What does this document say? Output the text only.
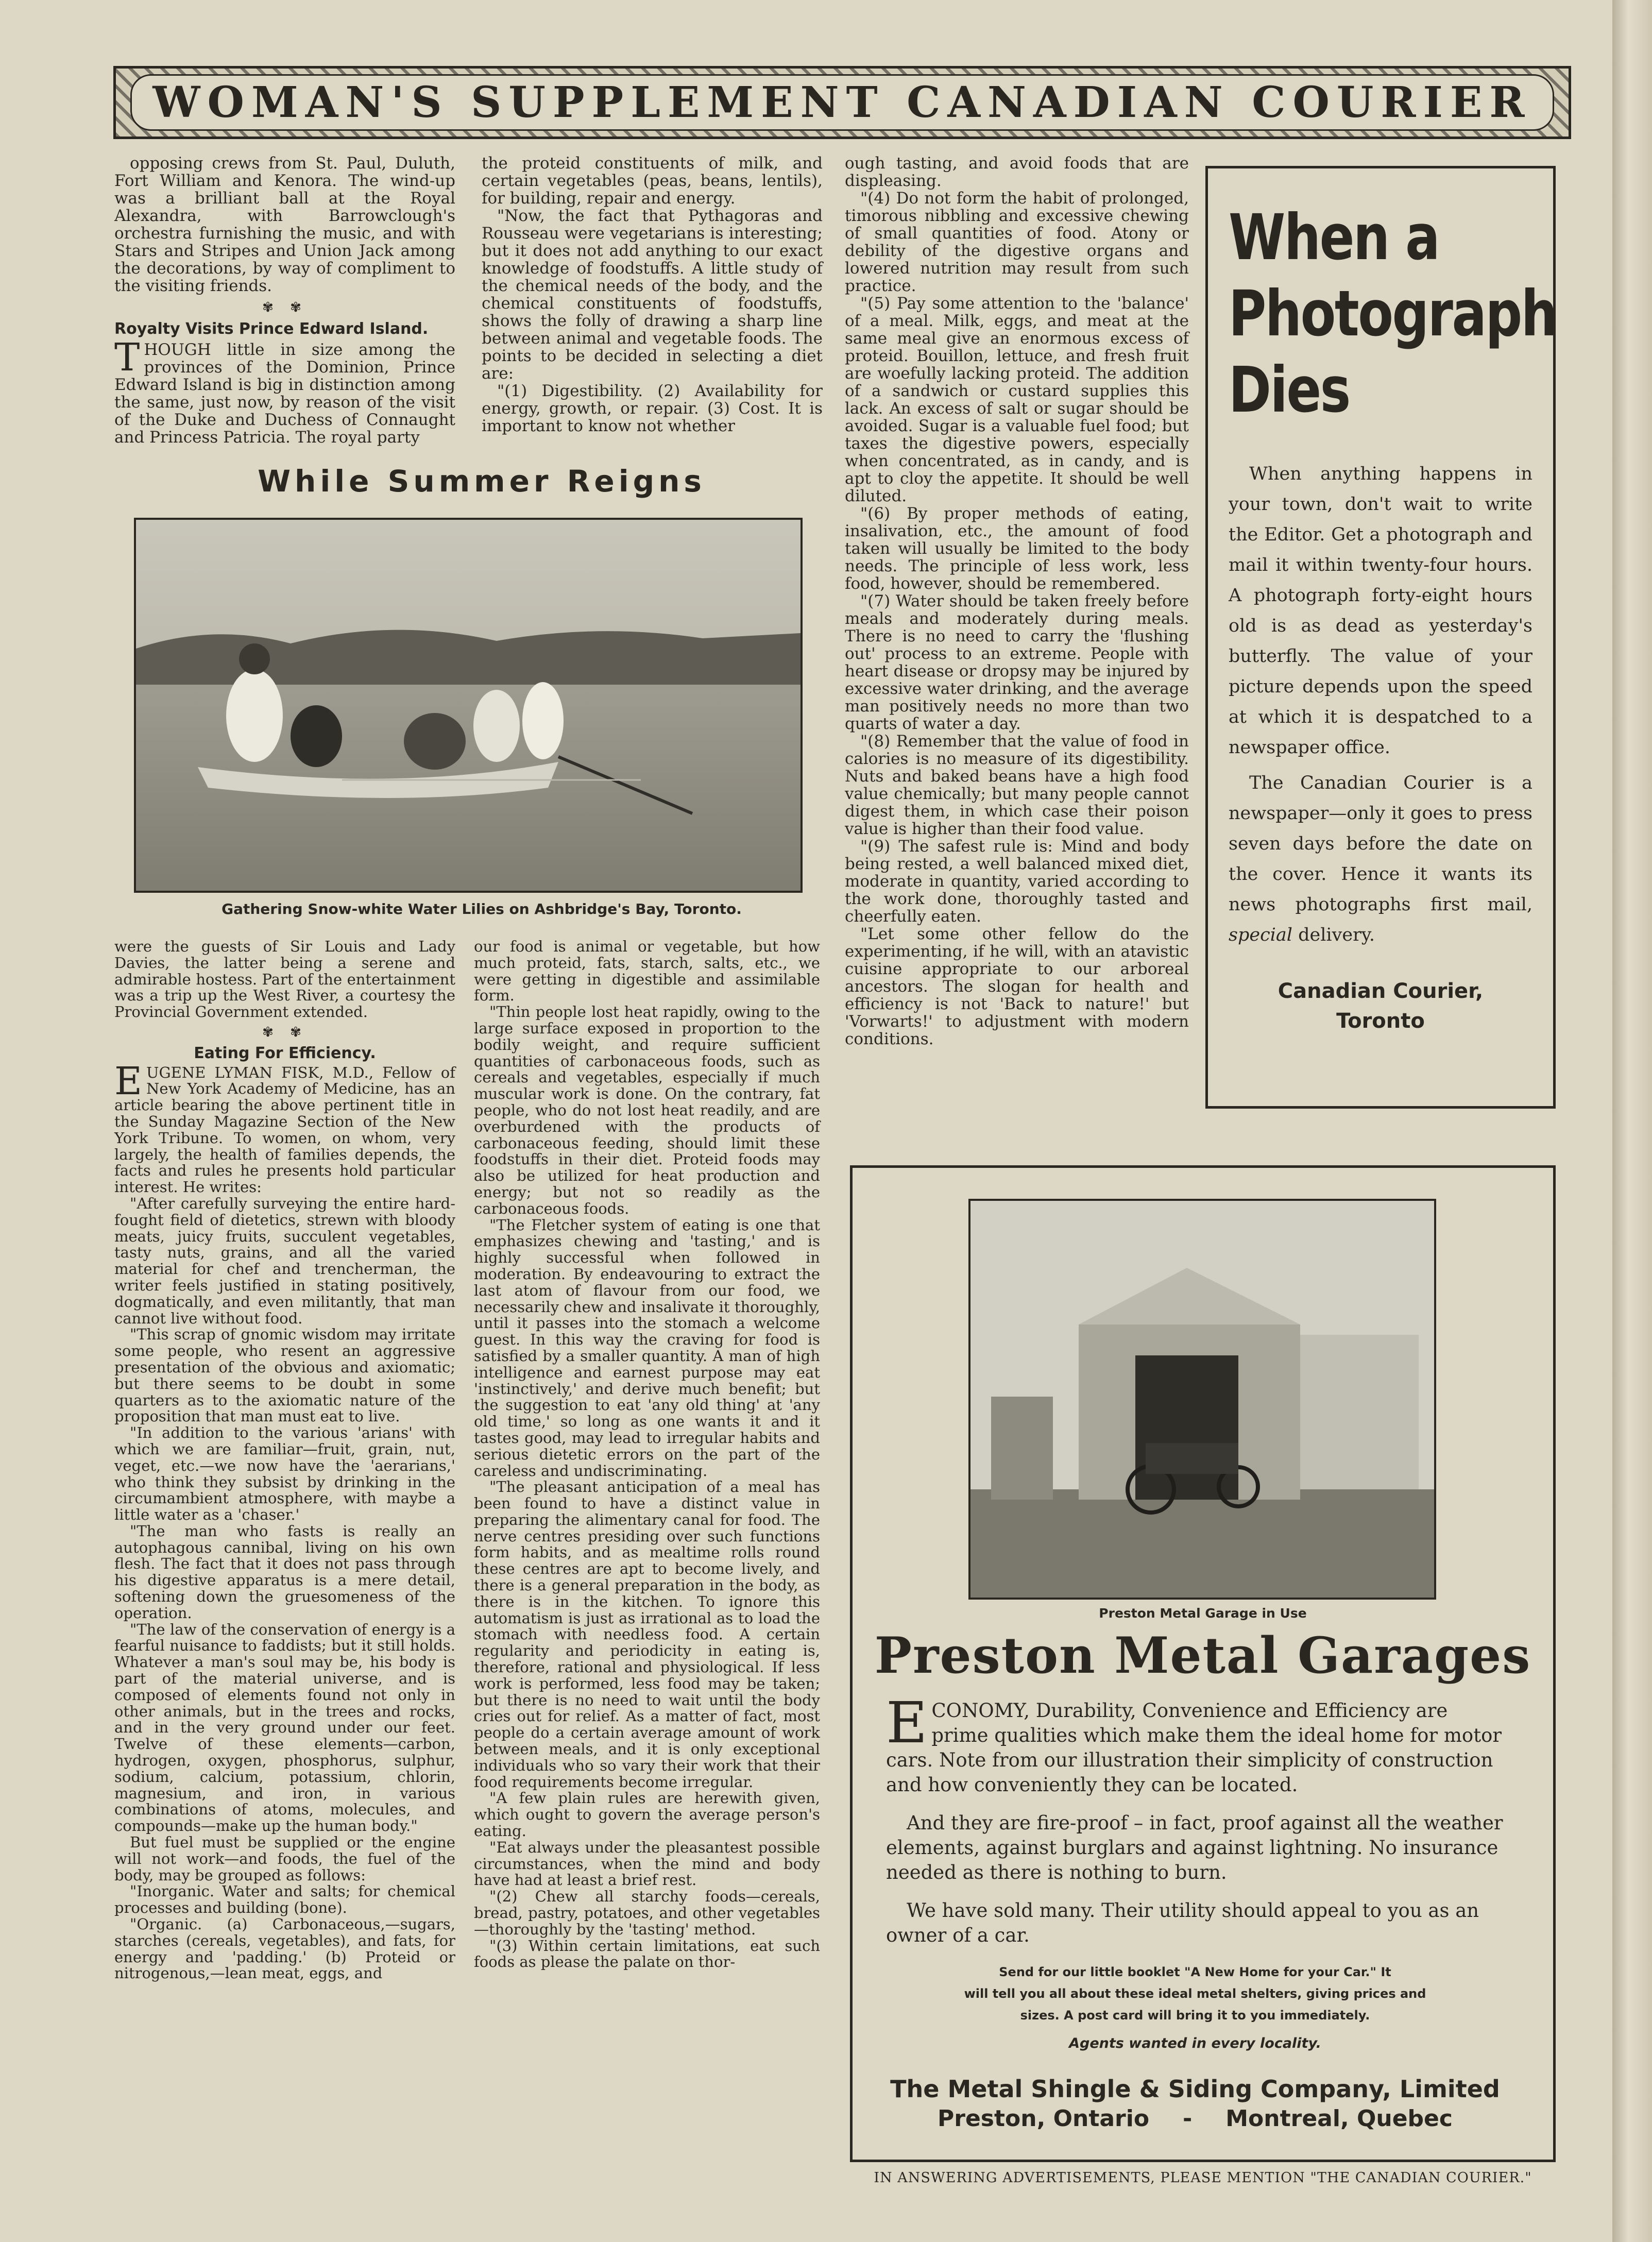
WOMAN'S SUPPLEMENT CANADIAN COURIER

opposing crews from St. Paul, Duluth, Fort William and Kenora. The wind-up was a brilliant ball at the Royal Alexandra, with Barrowclough's orchestra furnishing the music, and with Stars and Stripes and Union Jack among the decorations, by way of compliment to the visiting friends.

✾ ✾
Royalty Visits Prince Edward Island.

THOUGH little in size among the provinces of the Dominion, Prince Edward Island is big in distinction among the same, just now, by reason of the visit of the Duke and Duchess of Connaught and Princess Patricia. The royal party

the proteid constituents of milk, and certain vegetables (peas, beans, lentils), for building, repair and energy.

"Now, the fact that Pythagoras and Rousseau were vegetarians is interesting; but it does not add anything to our exact knowledge of foodstuffs. A little study of the chemical needs of the body, and the chemical constituents of foodstuffs, shows the folly of drawing a sharp line between animal and vegetable foods. The points to be decided in selecting a diet are:

"(1) Digestibility. (2) Availability for energy, growth, or repair. (3) Cost. It is important to know not whether

While Summer Reigns
Gathering Snow-white Water Lilies on Ashbridge's Bay, Toronto.

ough tasting, and avoid foods that are displeasing.

"(4) Do not form the habit of prolonged, timorous nibbling and excessive chewing of small quantities of food. Atony or debility of the digestive organs and lowered nutrition may result from such practice.

"(5) Pay some attention to the 'balance' of a meal. Milk, eggs, and meat at the same meal give an enormous excess of proteid. Bouillon, lettuce, and fresh fruit are woefully lacking proteid. The addition of a sandwich or custard supplies this lack. An excess of salt or sugar should be avoided. Sugar is a valuable fuel food; but taxes the digestive powers, especially when concentrated, as in candy, and is apt to cloy the appetite. It should be well diluted.

"(6) By proper methods of eating, insalivation, etc., the amount of food taken will usually be limited to the body needs. The principle of less work, less food, however, should be remembered.

"(7) Water should be taken freely before meals and moderately during meals. There is no need to carry the 'flushing out' process to an extreme. People with heart disease or dropsy may be injured by excessive water drinking, and the average man positively needs no more than two quarts of water a day.

"(8) Remember that the value of food in calories is no measure of its digestibility. Nuts and baked beans have a high food value chemically; but many people cannot digest them, in which case their poison value is higher than their food value.

"(9) The safest rule is: Mind and body being rested, a well balanced mixed diet, moderate in quantity, varied according to the work done, thoroughly tasted and cheerfully eaten.

"Let some other fellow do the experimenting, if he will, with an atavistic cuisine appropriate to our arboreal ancestors. The slogan for health and efficiency is not 'Back to nature!' but 'Vorwarts!' to adjustment with modern conditions.

were the guests of Sir Louis and Lady Davies, the latter being a serene and admirable hostess. Part of the entertainment was a trip up the West River, a courtesy the Provincial Government extended.

✾ ✾
Eating For Efficiency.

EUGENE LYMAN FISK, M.D., Fellow of New York Academy of Medicine, has an article bearing the above pertinent title in the Sunday Magazine Section of the New York Tribune. To women, on whom, very largely, the health of families depends, the facts and rules he presents hold particular interest. He writes:

"After carefully surveying the entire hard-fought field of dietetics, strewn with bloody meats, juicy fruits, succulent vegetables, tasty nuts, grains, and all the varied material for chef and trencherman, the writer feels justified in stating positively, dogmatically, and even militantly, that man cannot live without food.

"This scrap of gnomic wisdom may irritate some people, who resent an aggressive presentation of the obvious and axiomatic; but there seems to be doubt in some quarters as to the axiomatic nature of the proposition that man must eat to live.

"In addition to the various 'arians' with which we are familiar—fruit, grain, nut, veget, etc.—we now have the 'aerarians,' who think they subsist by drinking in the circumambient atmosphere, with maybe a little water as a 'chaser.'

"The man who fasts is really an autophagous cannibal, living on his own flesh. The fact that it does not pass through his digestive apparatus is a mere detail, softening down the gruesomeness of the operation.

"The law of the conservation of energy is a fearful nuisance to faddists; but it still holds. Whatever a man's soul may be, his body is part of the material universe, and is composed of elements found not only in other animals, but in the trees and rocks, and in the very ground under our feet. Twelve of these elements—carbon, hydrogen, oxygen, phosphorus, sulphur, sodium, calcium, potassium, chlorin, magnesium, and iron, in various combinations of atoms, molecules, and compounds—make up the human body."

But fuel must be supplied or the engine will not work—and foods, the fuel of the body, may be grouped as follows:

"Inorganic. Water and salts; for chemical processes and building (bone).

"Organic. (a) Carbonaceous,—sugars, starches (cereals, vegetables), and fats, for energy and 'padding.' (b) Proteid or nitrogenous,—lean meat, eggs, and

our food is animal or vegetable, but how much proteid, fats, starch, salts, etc., we were getting in digestible and assimilable form.

"Thin people lost heat rapidly, owing to the large surface exposed in proportion to the bodily weight, and require sufficient quantities of carbonaceous foods, such as cereals and vegetables, especially if much muscular work is done. On the contrary, fat people, who do not lost heat readily, and are overburdened with the products of carbonaceous feeding, should limit these foodstuffs in their diet. Proteid foods may also be utilized for heat production and energy; but not so readily as the carbonaceous foods.

"The Fletcher system of eating is one that emphasizes chewing and 'tasting,' and is highly successful when followed in moderation. By endeavouring to extract the last atom of flavour from our food, we necessarily chew and insalivate it thoroughly, until it passes into the stomach a welcome guest. In this way the craving for food is satisfied by a smaller quantity. A man of high intelligence and earnest purpose may eat 'instinctively,' and derive much benefit; but the suggestion to eat 'any old thing' at 'any old time,' so long as one wants it and it tastes good, may lead to irregular habits and serious dietetic errors on the part of the careless and undiscriminating.

"The pleasant anticipation of a meal has been found to have a distinct value in preparing the alimentary canal for food. The nerve centres presiding over such functions form habits, and as mealtime rolls round these centres are apt to become lively, and there is a general preparation in the body, as there is in the kitchen. To ignore this automatism is just as irrational as to load the stomach with needless food. A certain regularity and periodicity in eating is, therefore, rational and physiological. If less work is performed, less food may be taken; but there is no need to wait until the body cries out for relief. As a matter of fact, most people do a certain average amount of work between meals, and it is only exceptional individuals who so vary their work that their food requirements become irregular.

"A few plain rules are herewith given, which ought to govern the average person's eating.

"Eat always under the pleasantest possible circumstances, when the mind and body have had at least a brief rest.

"(2) Chew all starchy foods—cereals, bread, pastry, potatoes, and other vegetables—thoroughly by the 'tasting' method.

"(3) Within certain limitations, eat such foods as please the palate on thor-

When a Photograph Dies

When anything happens in your town, don't wait to write the Editor. Get a photograph and mail it within twenty-four hours. A photograph forty-eight hours old is as dead as yesterday's butterfly. The value of your picture depends upon the speed at which it is despatched to a newspaper office.

The Canadian Courier is a newspaper—only it goes to press seven days before the date on the cover. Hence it wants its news photographs first mail, special delivery.

Canadian Courier,
Toronto
Preston Metal Garage in Use
Preston Metal Garages

ECONOMY, Durability, Convenience and Efficiency are prime qualities which make them the ideal home for motor cars. Note from our illustration their simplicity of construction and how conveniently they can be located.

And they are fire-proof – in fact, proof against all the weather elements, against burglars and against lightning. No insurance needed as there is nothing to burn.

We have sold many. Their utility should appeal to you as an owner of a car.

Send for our little booklet "A New Home for your Car." It
will tell you all about these ideal metal shelters, giving prices and
sizes. A post card will bring it to you immediately.
Agents wanted in every locality.
The Metal Shingle & Siding Company, Limited
Preston, Ontario - Montreal, Quebec
IN ANSWERING ADVERTISEMENTS, PLEASE MENTION "THE CANADIAN COURIER."
